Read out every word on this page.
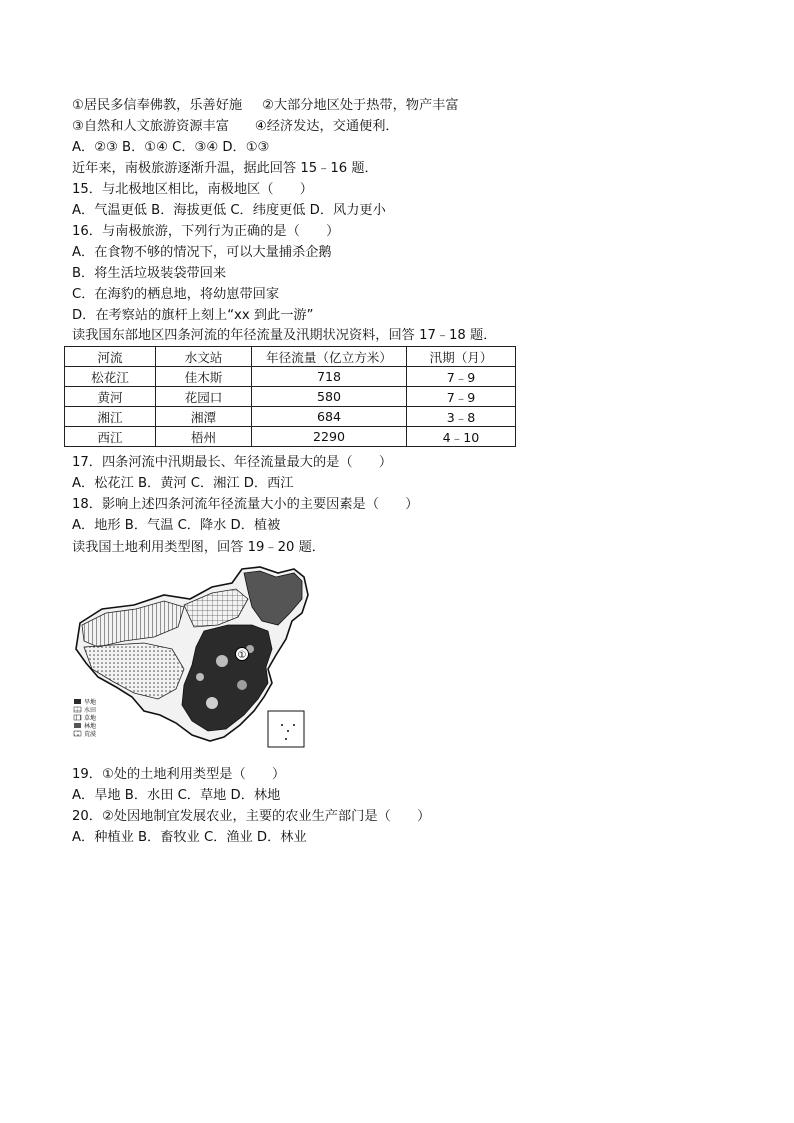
①居民多信奉佛教，乐善好施 ②大部分地区处于热带，物产丰富
③自然和人文旅游资源丰富 ④经济发达，交通便利．
A．②③ B．①④ C．③④ D．①③
近年来，南极旅游逐渐升温，据此回答 15﹣16 题．
15．与北极地区相比，南极地区（　　）
A．气温更低 B．海拔更低 C．纬度更低 D．风力更小
16．与南极旅游，下列行为正确的是（　　）
A．在食物不够的情况下，可以大量捕杀企鹅
B．将生活垃圾装袋带回来
C．在海豹的栖息地，将幼崽带回家
D．在考察站的旗杆上刻上“xx 到此一游”
读我国东部地区四条河流的年径流量及汛期状况资料，回答 17﹣18 题．
河流	水文站	年径流量（亿立方米）	汛期（月）
松花江	佳木斯	718	7﹣9
黄河	花园口	580	7﹣9
湘江	湘潭	684	3﹣8
西江	梧州	2290	4﹣10
17．四条河流中汛期最长、年径流量最大的是（　　）
A．松花江 B．黄河 C．湘江 D．西江
18．影响上述四条河流年径流量大小的主要因素是（　　）
A．地形 B．气温 C．降水 D．植被
读我国土地利用类型图，回答 19﹣20 题．
①
旱地
水田
草地
林地
荒漠
19．①处的土地利用类型是（　　）
A．旱地 B．水田 C．草地 D．林地
20．②处因地制宜发展农业，主要的农业生产部门是（　　）
A．种植业 B．畜牧业 C．渔业 D．林业
